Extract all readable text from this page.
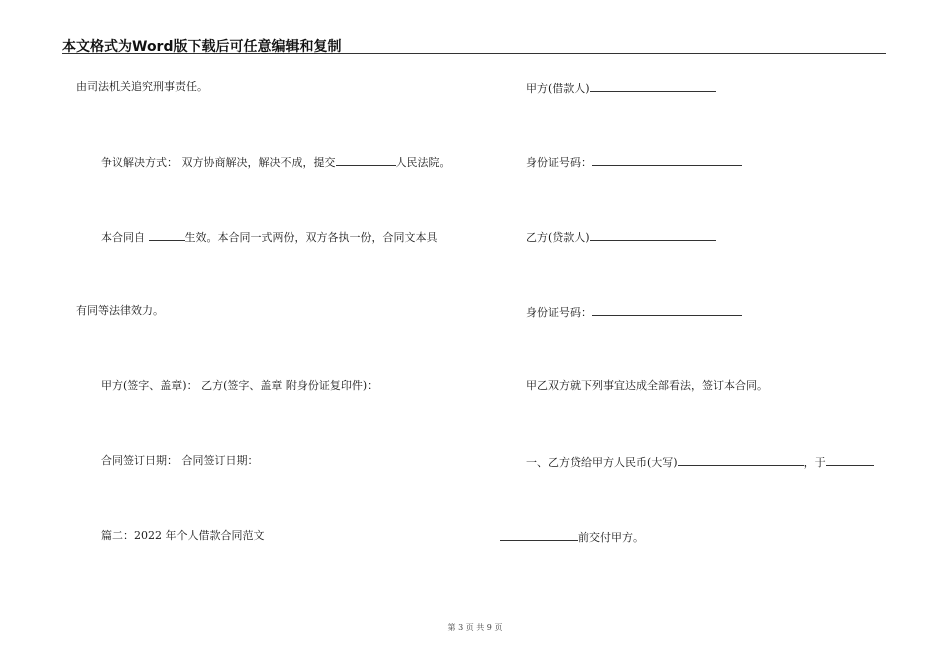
本文格式为Word版下载后可任意编辑和复制
由司法机关追究刑事责任。
争议解决方式： 双方协商解决，解决不成，提交	人民法院。
本合同自	生效。本合同一式两份，双方各执一份，合同文本具
有同等法律效力。
甲方(签字、盖章)： 乙方(签字、盖章 附身份证复印件)：
合同签订日期： 合同签订日期：
篇二：2022 年个人借款合同范文
甲方(借款人)
身份证号码：
乙方(贷款人)
身份证号码：
甲乙双方就下列事宜达成全部看法，签订本合同。
一、乙方贷给甲方人民币(大写)	，于
前交付甲方。
第 3 页 共 9 页
